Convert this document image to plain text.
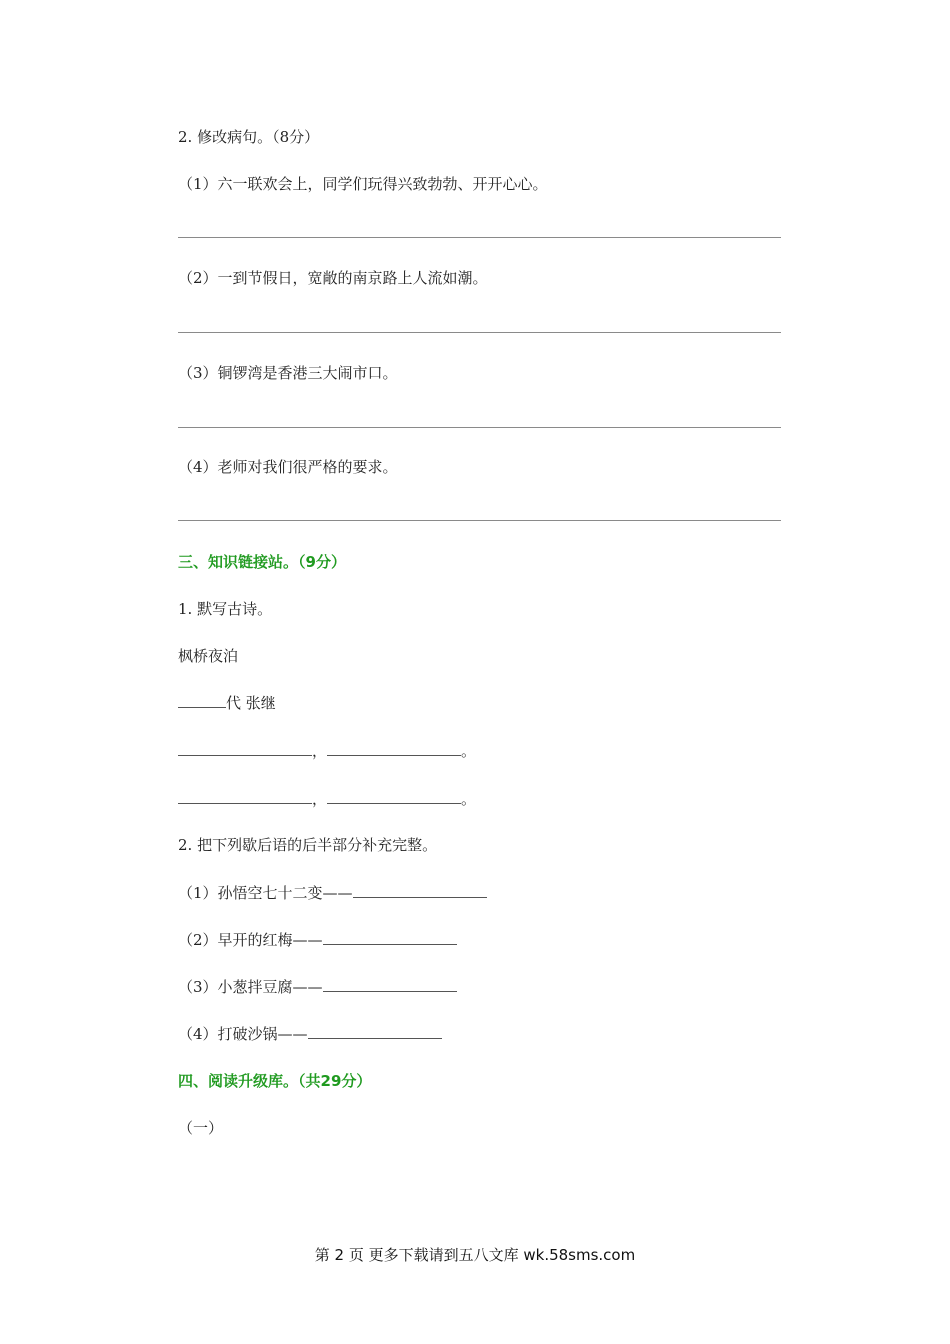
2. 修改病句。（8分）
（1）六一联欢会上，同学们玩得兴致勃勃、开开心心。
（2）一到节假日，宽敞的南京路上人流如潮。
（3）铜锣湾是香港三大闹市口。
（4）老师对我们很严格的要求。
三、知识链接站。（9分）
1. 默写古诗。
枫桥夜泊
代 张继
，	。
，	。
2. 把下列歇后语的后半部分补充完整。
（1）孙悟空七十二变——
（2）早开的红梅——
（3）小葱拌豆腐——
（4）打破沙锅——
四、阅读升级库。（共29分）
（一）
第 2 页 更多下载请到五八文库 wk.58sms.com
